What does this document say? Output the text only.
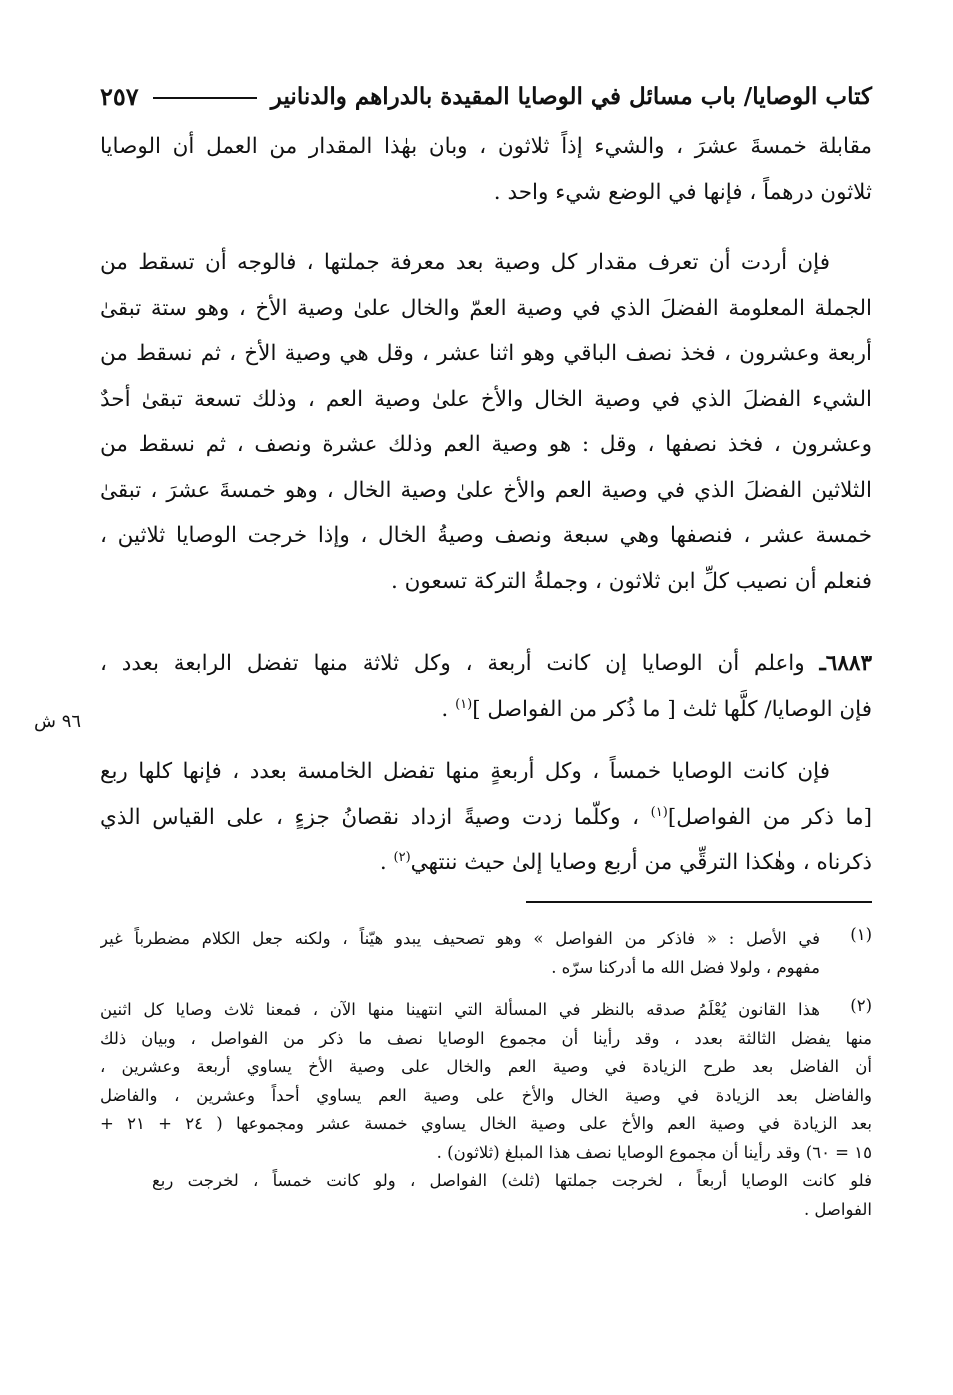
كتاب الوصايا/ باب مسائل في الوصايا المقيدة بالدراهم والدنانير
٢٥٧
مقابلة خمسةَ عشرَ ، والشيء إذاً ثلاثون ، وبان بهٰذا المقدار من العمل أن الوصايا
ثلاثون درهماً ، فإنها في الوضع شيء واحد .
فإن أردت أن تعرف مقدار كل وصية بعد معرفة جملتها ، فالوجه أن تسقط من
الجملة المعلومة الفضلَ الذي في وصية العمّ والخال علىٰ وصية الأخ ، وهو ستة تبقىٰ
أربعة وعشرون ، فخذ نصف الباقي وهو اثنا عشر ، وقل هي وصية الأخ ، ثم نسقط من
الشيء الفضلَ الذي في وصية الخال والأخ علىٰ وصية العم ، وذلك تسعة تبقىٰ أحدٌ
وعشرون ، فخذ نصفها ، وقل : هو وصية العم وذلك عشرة ونصف ، ثم نسقط من
الثلاثين الفضلَ الذي في وصية العم والأخ علىٰ وصية الخال ، وهو خمسةَ عشرَ ، تبقىٰ
خمسة عشر ، فنصفها وهي سبعة ونصف وصيةُ الخال ، وإذا خرجت الوصايا ثلاثين ،
فنعلم أن نصيب كلِّ ابن ثلاثون ، وجملةُ التركة تسعون .
٦٨٨٣ـ واعلم أن الوصايا إن كانت أربعة ، وكل ثلاثة منها تفضل الرابعة بعدد ،
فإن الوصايا/ كلَّها ثلث [ ما ذُكر من الفواصل ]$^{(١)}$ .
٩٦ ش
فإن كانت الوصايا خمساً ، وكل أربعةٍ منها تفضل الخامسة بعدد ، فإنها كلها ربع
[ما ذكر من الفواصل]$^{(١)}$ ، وكلّما زدت وصيةً ازداد نقصانُ جزءٍ ، على القياس الذي
ذكرناه ، وهٰكذا الترقِّي من أربع وصايا إلىٰ حيث ننتهي$^{(٢)}$ .
(١)
في الأصل : « فاذكر من الفواصل » وهو تصحيف يبدو هيّناً ، ولكنه جعل الكلام مضطرباً غير
مفهوم ، ولولا فضل الله ما أدركنا سرّه .
(٢)
هذا القانون يُعْلَمُ صدقه بالنظر في المسألة التي انتهينا منها الآن ، فمعنا ثلاث وصايا كل اثنين
منها يفضل الثالثة بعدد ، وقد رأينا أن مجموع الوصايا نصف ما ذكر من الفواصل ، وبيان ذلك
أن الفاضل بعد طرح الزيادة في وصية العم والخال على وصية الأخ يساوي أربعة وعشرين ،
والفاضل بعد الزيادة في وصية الخال والأخ على وصية العم يساوي أحداً وعشرين ، والفاضل
بعد الزيادة في وصية العم والأخ على وصية الخال يساوي خمسة عشر ومجموعها ( ٢٤ + ٢١ +
١٥ = ٦٠) وقد رأينا أن مجموع الوصايا نصف هذا المبلغ (ثلاثون) .
فلو كانت الوصايا أربعاً ، لخرجت جملتها (ثلث) الفواصل ، ولو كانت خمساً ، لخرجت ربع
الفواصل .
